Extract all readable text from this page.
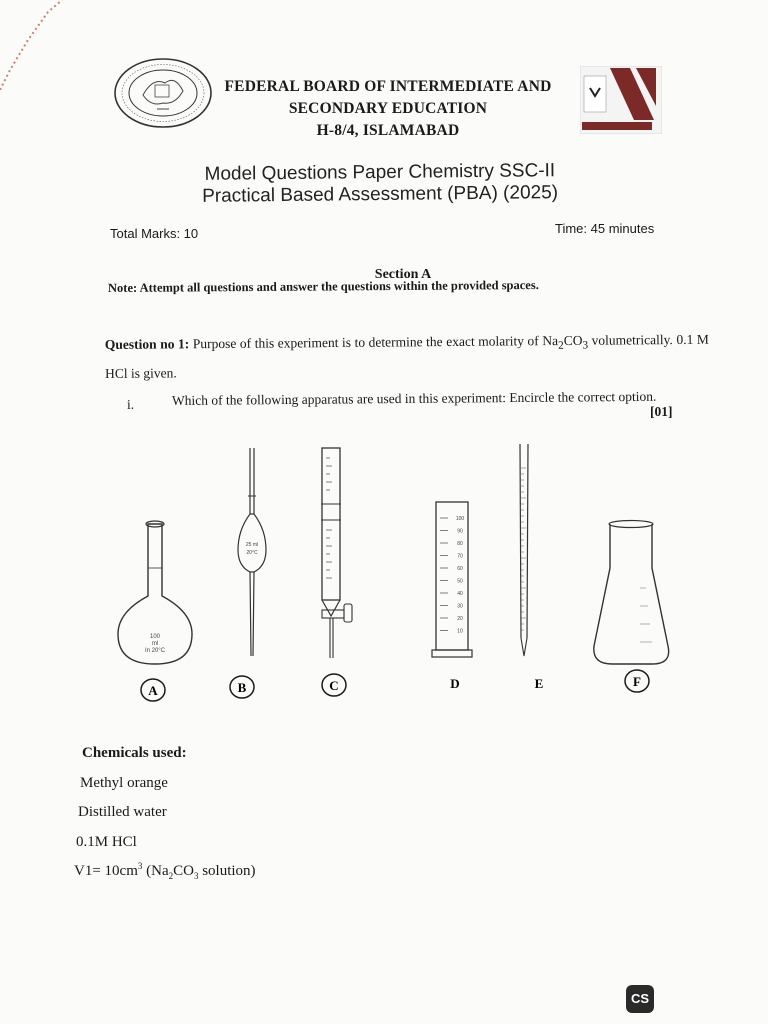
FEDERAL BOARD OF INTERMEDIATE AND
SECONDARY EDUCATION
H-8/4, ISLAMABAD
Model Questions Paper Chemistry SSC-II
Practical Based Assessment (PBA) (2025)
Total Marks: 10	Time: 45 minutes
Section A
Note: Attempt all questions and answer the questions within the provided spaces.
Question no 1: Purpose of this experiment is to determine the exact molarity of $Na_2CO_3$ volumetrically. 0.1 M HCl is given.
i.	Which of the following apparatus are used in this experiment: Encircle the correct option.
[01]
100
ml
In 20°C
25 ml
20°C
100
90
80
70
60
50
40
30
20
10
A	B	C	D	E	F
Chemicals used:
Methyl orange
Distilled water
0.1M HCl
$V1= 10cm^3$ ($Na_2CO_3$ solution)
CS
